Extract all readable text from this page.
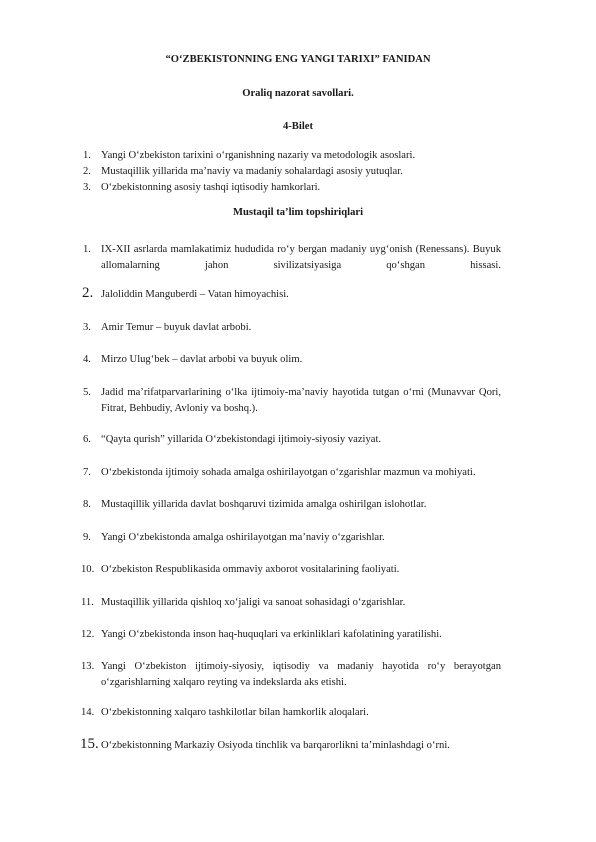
“O‘ZBEKISTONNING ENG YANGI TARIXI” FANIDAN
Oraliq nazorat savollari.
4-Bilet
1. Yangi O‘zbekiston tarixini o‘rganishning nazariy va metodologik asoslari.
2. Mustaqillik yillarida ma’naviy va madaniy sohalardagi asosiy yutuqlar.
3. O‘zbekistonning asosiy tashqi iqtisodiy hamkorlari.
Mustaqil ta’lim topshiriqlari
1. IX-XII asrlarda mamlakatimiz hududida ro‘y bergan madaniy uyg‘onish (Renessans). Buyuk allomalarning jahon sivilizatsiyasiga qo‘shgan hissasi.
2. Jaloliddin Manguberdi – Vatan himoyachisi.
3. Amir Temur – buyuk davlat arbobi.
4. Mirzo Ulug‘bek – davlat arbobi va buyuk olim.
5. Jadid ma’rifatparvarlarining o‘lka ijtimoiy-ma’naviy hayotida tutgan o‘rni (Munavvar Qori, Fitrat, Behbudiy, Avloniy va boshq.).
6. “Qayta qurish” yillarida O‘zbekistondagi ijtimoiy-siyosiy vaziyat.
7. O‘zbekistonda ijtimoiy sohada amalga oshirilayotgan o‘zgarishlar mazmun va mohiyati.
8. Mustaqillik yillarida davlat boshqaruvi tizimida amalga oshirilgan islohotlar.
9. Yangi O‘zbekistonda amalga oshirilayotgan ma’naviy o‘zgarishlar.
10. O‘zbekiston Respublikasida ommaviy axborot vositalarining faoliyati.
11. Mustaqillik yillarida qishloq xo‘jaligi va sanoat sohasidagi o‘zgarishlar.
12. Yangi O‘zbekistonda inson haq-huquqlari va erkinliklari kafolatining yaratilishi.
13. Yangi O‘zbekiston ijtimoiy-siyosiy, iqtisodiy va madaniy hayotida ro‘y berayotgan o‘zgarishlarning xalqaro reyting va indekslarda aks etishi.
14. O‘zbekistonning xalqaro tashkilotlar bilan hamkorlik aloqalari.
15. O‘zbekistonning Markaziy Osiyoda tinchlik va barqarorlikni ta’minlashdagi o‘rni.
